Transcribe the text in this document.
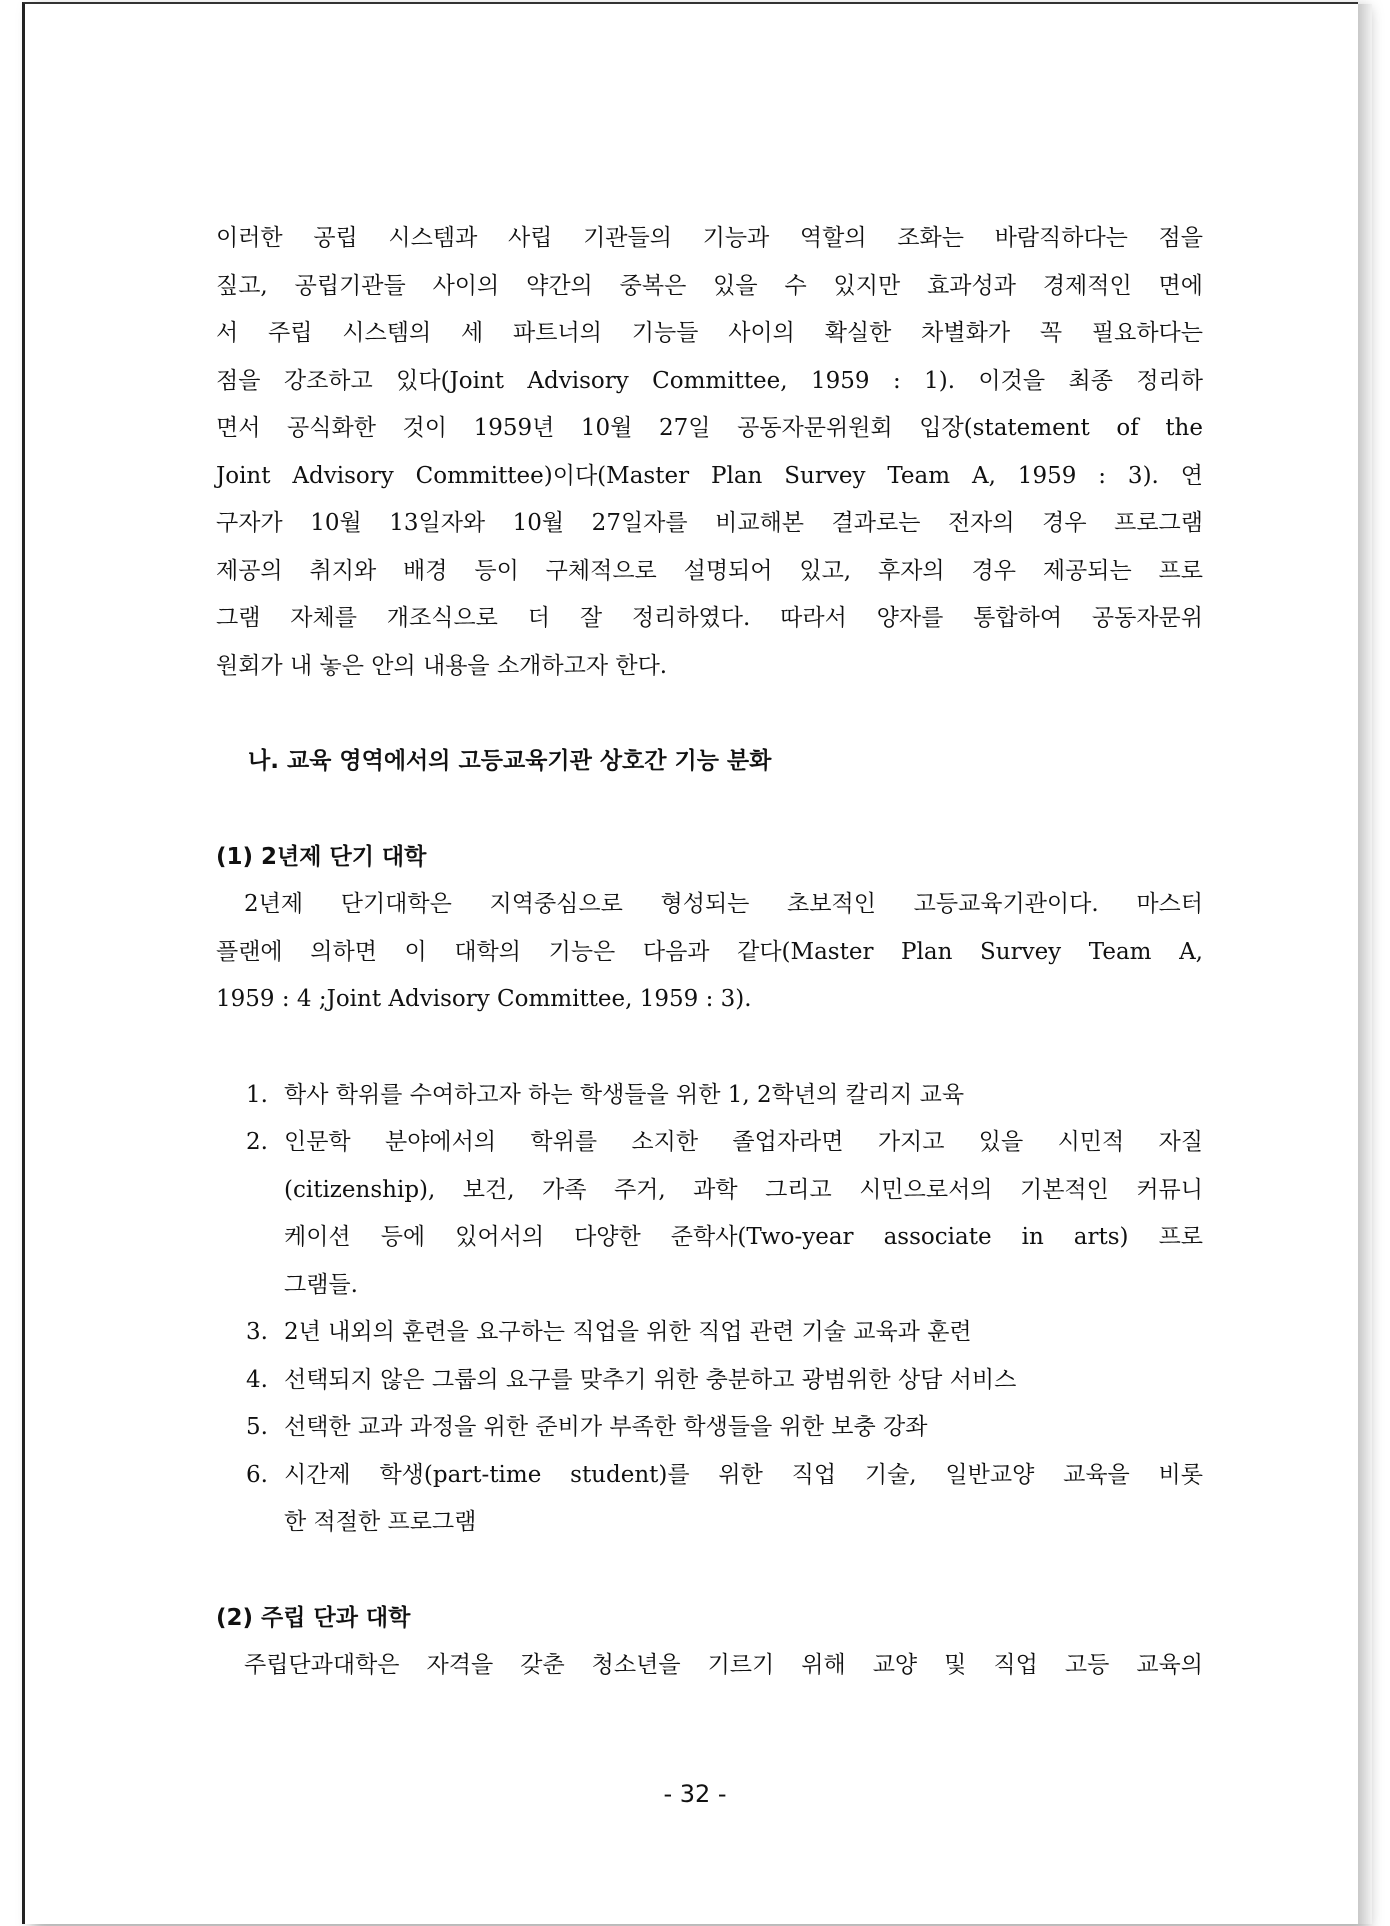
이러한 공립 시스템과 사립 기관들의 기능과 역할의 조화는 바람직하다는 점을
짚고, 공립기관들 사이의 약간의 중복은 있을 수 있지만 효과성과 경제적인 면에
서 주립 시스템의 세 파트너의 기능들 사이의 확실한 차별화가 꼭 필요하다는
점을 강조하고 있다(Joint Advisory Committee, 1959 : 1). 이것을 최종 정리하
면서 공식화한 것이 1959년 10월 27일 공동자문위원회 입장(statement of the
Joint Advisory Committee)이다(Master Plan Survey Team A, 1959 : 3). 연
구자가 10월 13일자와 10월 27일자를 비교해본 결과로는 전자의 경우 프로그램
제공의 취지와 배경 등이 구체적으로 설명되어 있고, 후자의 경우 제공되는 프로
그램 자체를 개조식으로 더 잘 정리하였다. 따라서 양자를 통합하여 공동자문위
원회가 내 놓은 안의 내용을 소개하고자 한다.

나. 교육 영역에서의 고등교육기관 상호간 기능 분화
(1) 2년제 단기 대학

2년제 단기대학은 지역중심으로 형성되는 초보적인 고등교육기관이다. 마스터
플랜에 의하면 이 대학의 기능은 다음과 같다(Master Plan Survey Team A,
1959 : 4 ;Joint Advisory Committee, 1959 : 3).

1. 학사 학위를 수여하고자 하는 학생들을 위한 1, 2학년의 칼리지 교육
2. 인문학 분야에서의 학위를 소지한 졸업자라면 가지고 있을 시민적 자질
(citizenship), 보건, 가족 주거, 과학 그리고 시민으로서의 기본적인 커뮤니
케이션 등에 있어서의 다양한 준학사(Two-year associate in arts) 프로
그램들.
3. 2년 내외의 훈련을 요구하는 직업을 위한 직업 관련 기술 교육과 훈련
4. 선택되지 않은 그룹의 요구를 맞추기 위한 충분하고 광범위한 상담 서비스
5. 선택한 교과 과정을 위한 준비가 부족한 학생들을 위한 보충 강좌
6. 시간제 학생(part-time student)를 위한 직업 기술, 일반교양 교육을 비롯
한 적절한 프로그램
(2) 주립 단과 대학

주립단과대학은 자격을 갖춘 청소년을 기르기 위해 교양 및 직업 고등 교육의

- 32 -
